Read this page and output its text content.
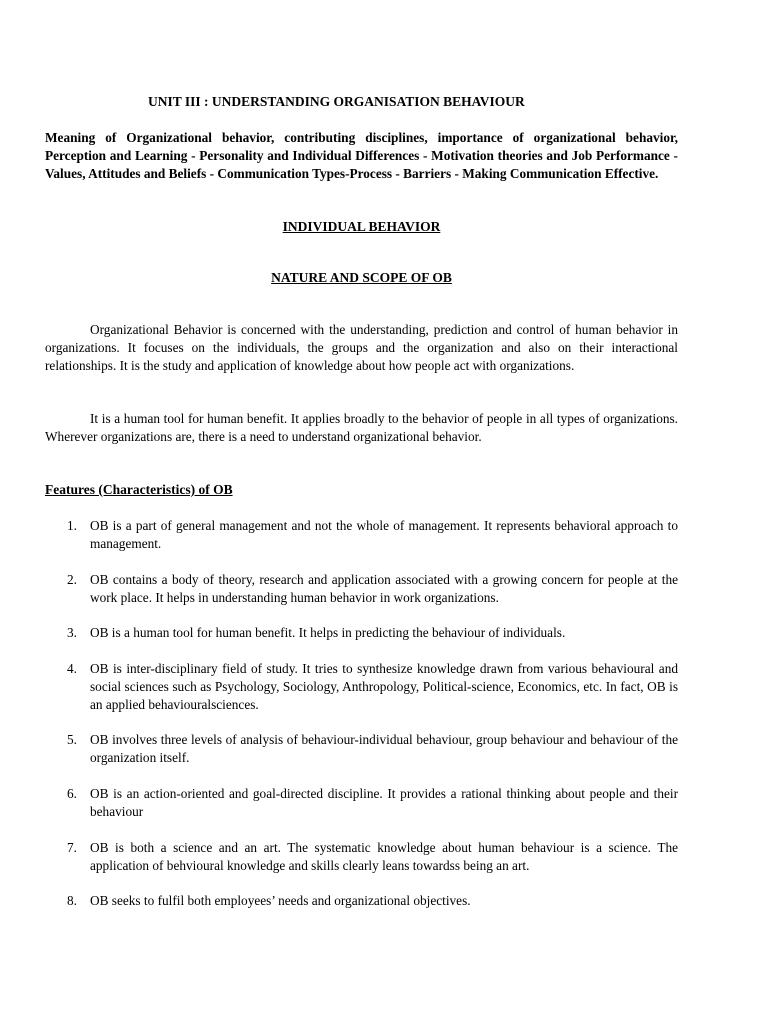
UNIT III : UNDERSTANDING ORGANISATION BEHAVIOUR

Meaning of Organizational behavior, contributing disciplines, importance of organizational behavior, Perception and Learning - Personality and Individual Differences - Motivation theories and Job Performance - Values, Attitudes and Beliefs - Communication Types-Process - Barriers - Making Communication Effective.

INDIVIDUAL BEHAVIOR

NATURE AND SCOPE OF OB

Organizational Behavior is concerned with the understanding, prediction and control of human behavior in organizations. It focuses on the individuals, the groups and the organization and also on their interactional relationships. It is the study and application of knowledge about how people act with organizations.

It is a human tool for human benefit. It applies broadly to the behavior of people in all types of organizations. Wherever organizations are, there is a need to understand organizational behavior.

Features (Characteristics) of OB

1. OB is a part of general management and not the whole of management. It represents behavioral approach to management.
2. OB contains a body of theory, research and application associated with a growing concern for people at the work place. It helps in understanding human behavior in work organizations.
3. OB is a human tool for human benefit. It helps in predicting the behaviour of individuals.
4. OB is inter-disciplinary field of study. It tries to synthesize knowledge drawn from various behavioural and social sciences such as Psychology, Sociology, Anthropology, Political-science, Economics, etc. In fact, OB is an applied behaviouralsciences.
5. OB involves three levels of analysis of behaviour-individual behaviour, group behaviour and behaviour of the organization itself.
6. OB is an action-oriented and goal-directed discipline. It provides a rational thinking about people and their behaviour
7. OB is both a science and an art. The systematic knowledge about human behaviour is a science. The application of behvioural knowledge and skills clearly leans towardss being an art.
8. OB seeks to fulfil both employees’ needs and organizational objectives.
